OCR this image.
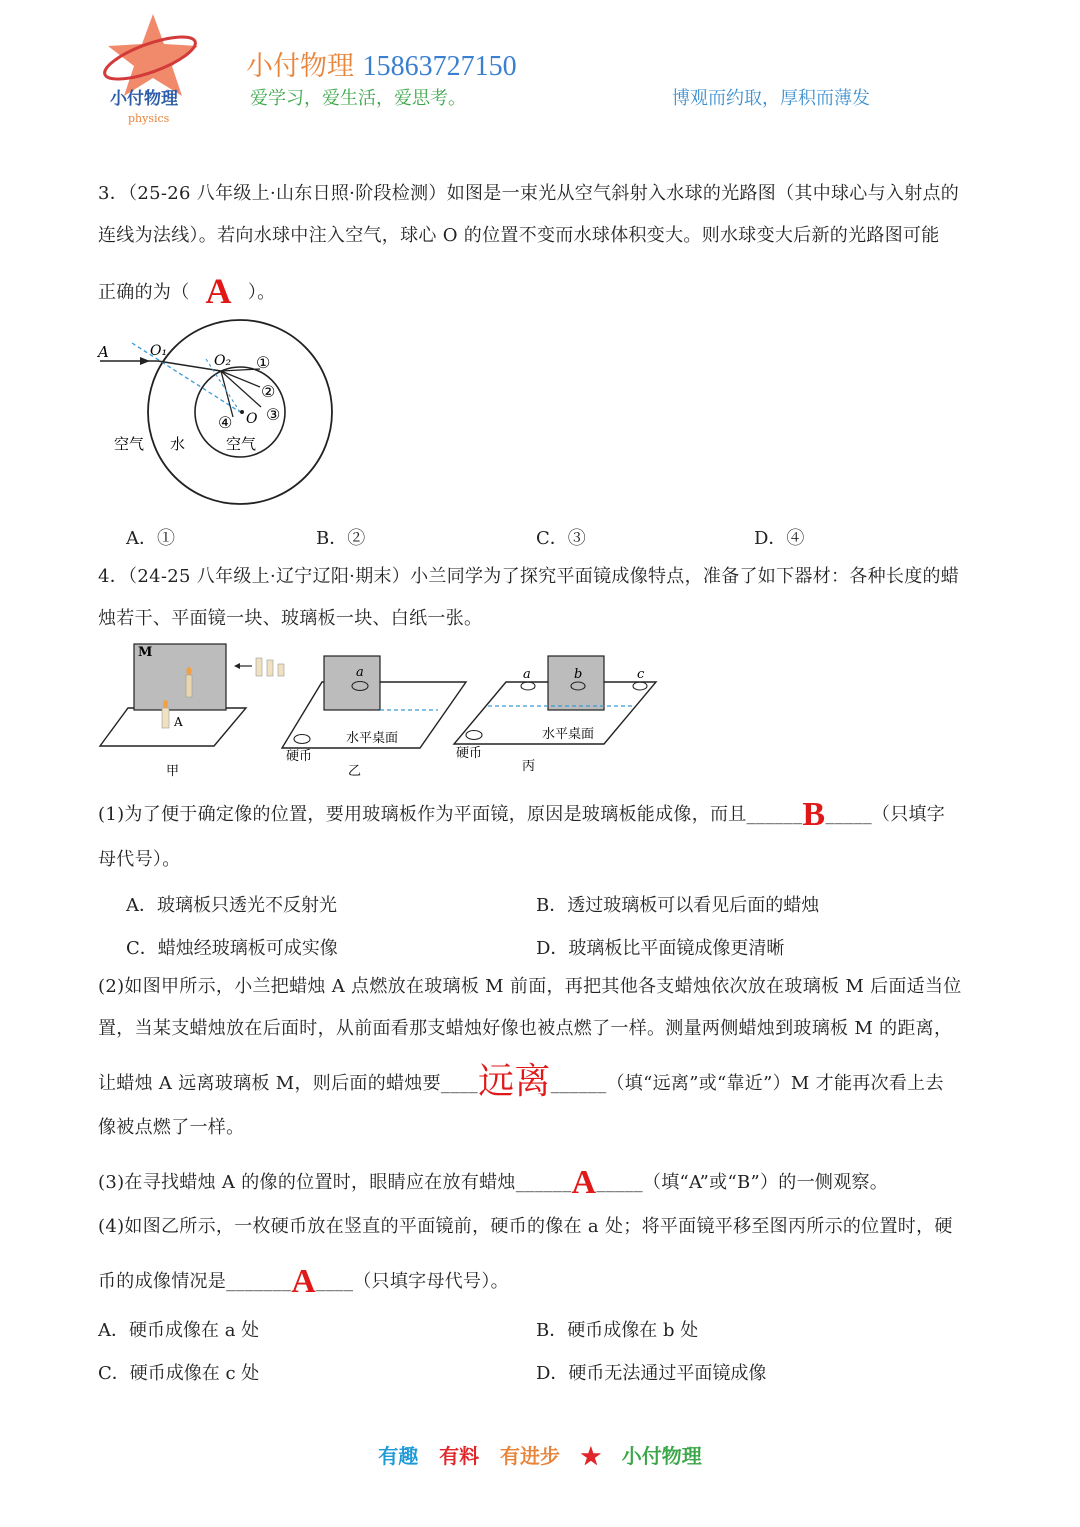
小付物理
physics
小付物理 15863727150
爱学习，爱生活，爱思考。	博观而约取，厚积而薄发
3．（25-26 八年级上·山东日照·阶段检测）如图是一束光从空气斜射入水球的光路图（其中球心与入射点的
连线为法线）。若向水球中注入空气，球心 O 的位置不变而水球体积变大。则水球变大后新的光路图可能
正确的为（ A ）。
A	O₁
O₂
O
①
②
③
④
空气 水	空气
A．①	B．②	C．③	D．④
4．（24-25 八年级上·辽宁辽阳·期末）小兰同学为了探究平面镜成像特点，准备了如下器材：各种长度的蜡
烛若干、平面镜一块、玻璃板一块、白纸一张。
M
A
甲
a
水平桌面
硬币
乙
a	b	c
水平桌面
硬币
丙
(1)为了便于确定像的位置，要用玻璃板作为平面镜，原因是玻璃板能成像，而且______B_____（只填字
母代号）。
A．玻璃板只透光不反射光	B．透过玻璃板可以看见后面的蜡烛
C．蜡烛经玻璃板可成实像	D．玻璃板比平面镜成像更清晰
(2)如图甲所示，小兰把蜡烛 A 点燃放在玻璃板 M 前面，再把其他各支蜡烛依次放在玻璃板 M 后面适当位
置，当某支蜡烛放在后面时，从前面看那支蜡烛好像也被点燃了一样。测量两侧蜡烛到玻璃板 M 的距离，
让蜡烛 A 远离玻璃板 M，则后面的蜡烛要____远离______（填“远离”或“靠近”）M 才能再次看上去
像被点燃了一样。
(3)在寻找蜡烛 A 的像的位置时，眼睛应在放有蜡烛______A_____（填“A”或“B”）的一侧观察。
(4)如图乙所示，一枚硬币放在竖直的平面镜前，硬币的像在 a 处；将平面镜平移至图丙所示的位置时，硬
币的成像情况是_______A____（只填字母代号）。
A．硬币成像在 a 处	B．硬币成像在 b 处
C．硬币成像在 c 处	D．硬币无法通过平面镜成像
有趣 有料 有进步 ★ 小付物理
